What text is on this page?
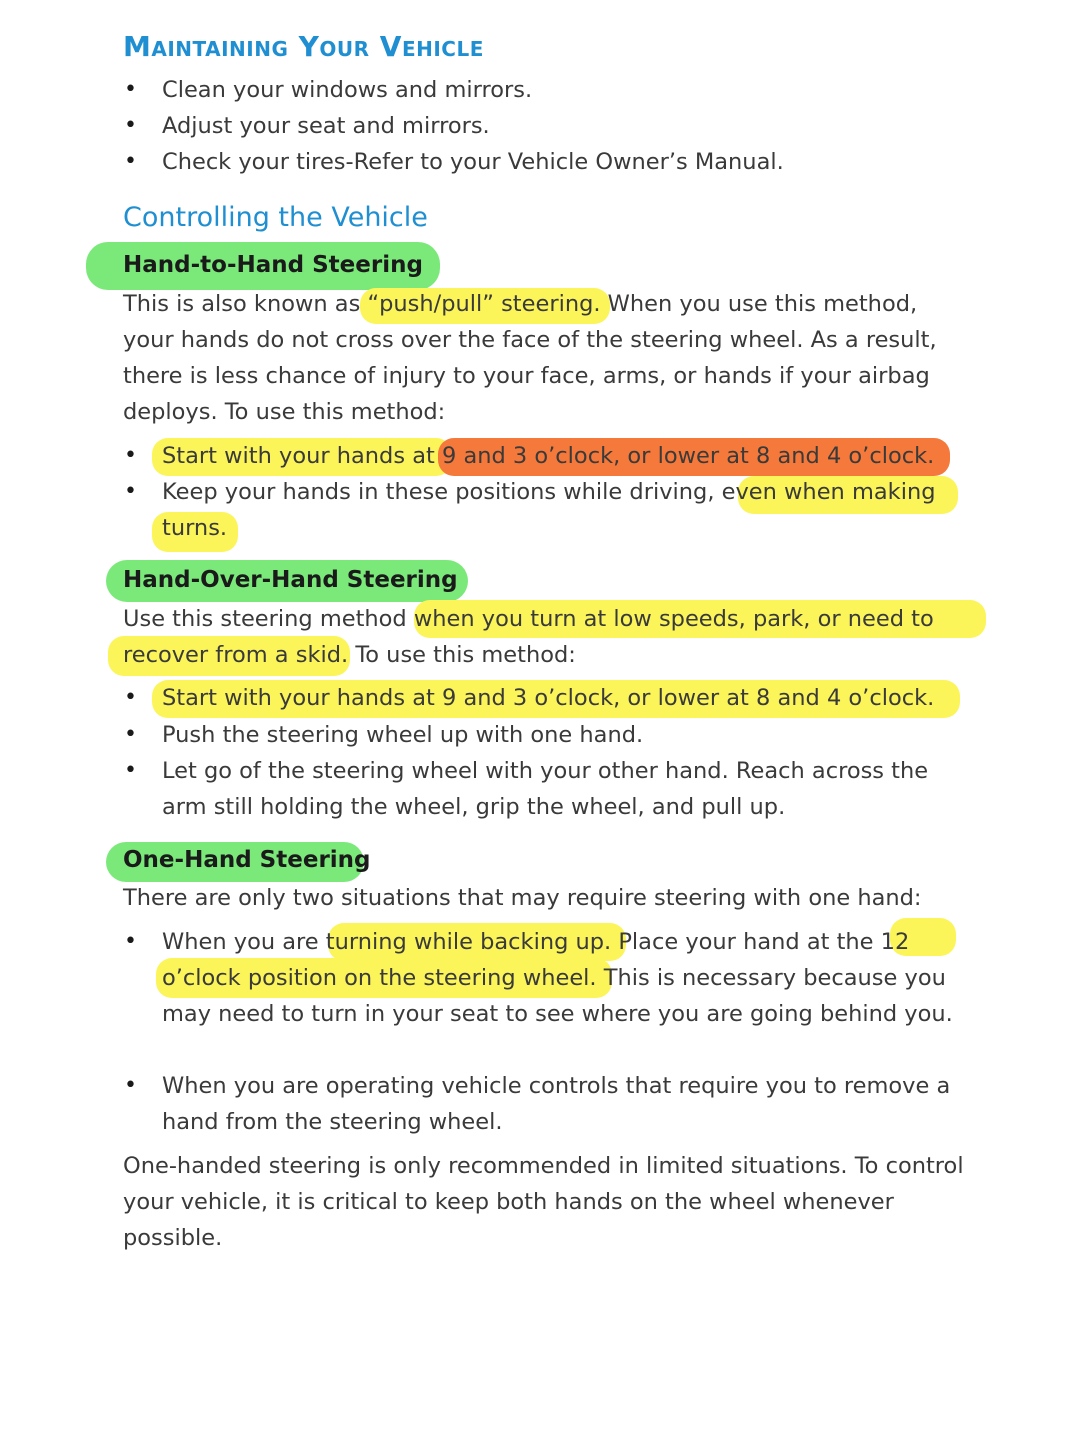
Maintaining Your Vehicle
• Clean your windows and mirrors.
• Adjust your seat and mirrors.
• Check your tires-Refer to your Vehicle Owner’s Manual.
Controlling the Vehicle
Hand-to-Hand Steering

This is also known as “push/pull” steering. When you use this method, your hands do not cross over the face of the steering wheel. As a result, there is less chance of injury to your face, arms, or hands if your airbag deploys. To use this method:

• Start with your hands at 9 and 3 o’clock, or lower at 8 and 4 o’clock.
• Keep your hands in these positions while driving, even when making turns.
Hand-Over-Hand Steering

Use this steering method when you turn at low speeds, park, or need to recover from a skid. To use this method:

• Start with your hands at 9 and 3 o’clock, or lower at 8 and 4 o’clock.
• Push the steering wheel up with one hand.
• Let go of the steering wheel with your other hand. Reach across the arm still holding the wheel, grip the wheel, and pull up.
One-Hand Steering

There are only two situations that may require steering with one hand:

• When you are turning while backing up. Place your hand at the 12 o’clock position on the steering wheel. This is necessary because you may need to turn in your seat to see where you are going behind you.
• When you are operating vehicle controls that require you to remove a hand from the steering wheel.

One-handed steering is only recommended in limited situations. To control your vehicle, it is critical to keep both hands on the wheel whenever possible.
